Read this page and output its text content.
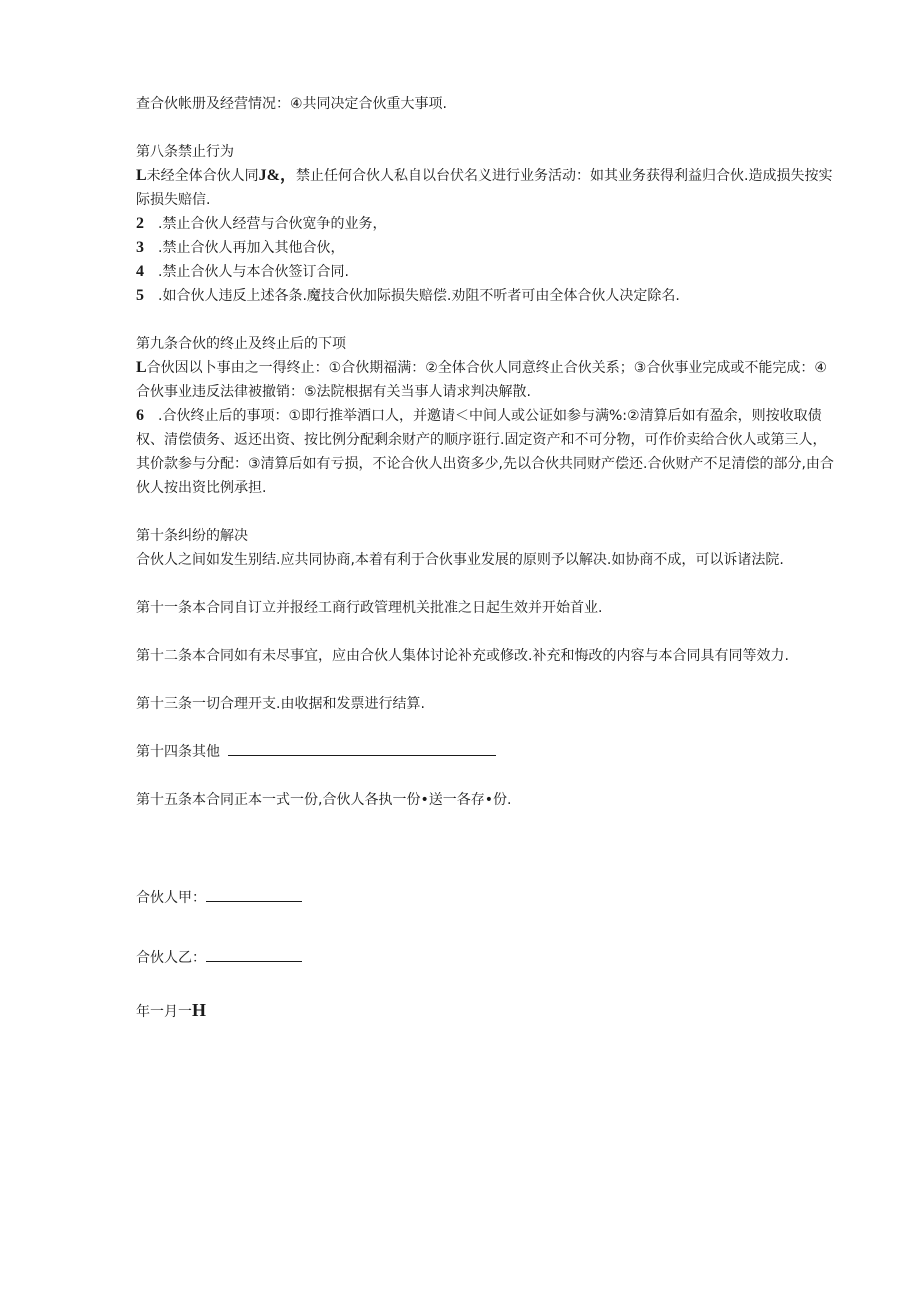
查合伙帐册及经营情况：④共同决定合伙重大事项.

第八条禁止行为

L未经全体合伙人同J&，禁止任何合伙人私自以台伏名义进行业务活动：如其业务获得利益归合伙.造成损失按实际损失赔信.

2 .禁止合伙人经营与合伙宽争的业务，

3 .禁止合伙人再加入其他合伙，

4 .禁止合伙人与本合伙签订合同.

5 .如合伙人违反上述各条.魔技合伙加际损失赔偿.劝阻不听者可由全体合伙人决定除名.

第九条合伙的终止及终止后的下项

L合伙因以卜事由之一得终止：①合伙期福满：②全体合伙人同意终止合伙关系；③合伙事业完成或不能完成：④合伙事业违反法律被撤销：⑤法院根据有关当事人请求判决解散.

6 .合伙终止后的事项：①即行推举酒口人，并邀请＜中间人或公证如参与满%:②清算后如有盈余，则按收取债权、清偿债务、返还出资、按比例分配剩余财产的顺序诳行.固定资产和不可分物，可作价卖给合伙人或第三人，其价款参与分配：③清算后如有亏损，不论合伙人出资多少,先以合伙共同财产偿还.合伙财产不足清偿的部分,由合伙人按出资比例承担.

第十条纠纷的解决

合伙人之间如发生别结.应共同协商,本着有利于合伙事业发展的原则予以解决.如协商不成，可以诉诸法院.

第十一条本合同自订立并报经工商行政管理机关批准之日起生效并开始首业.

第十二条本合同如有未尽事宜，应由合伙人集体讨论补充或修改.补充和悔改的内容与本合同具有同等效力.

第十三条一切合理开支.由收据和发票进行结算.

第十四条其他

第十五条本合同正本一式一份,合伙人各执一份•送一各存•份.

合伙人甲：

合伙人乙：

年一月一H
